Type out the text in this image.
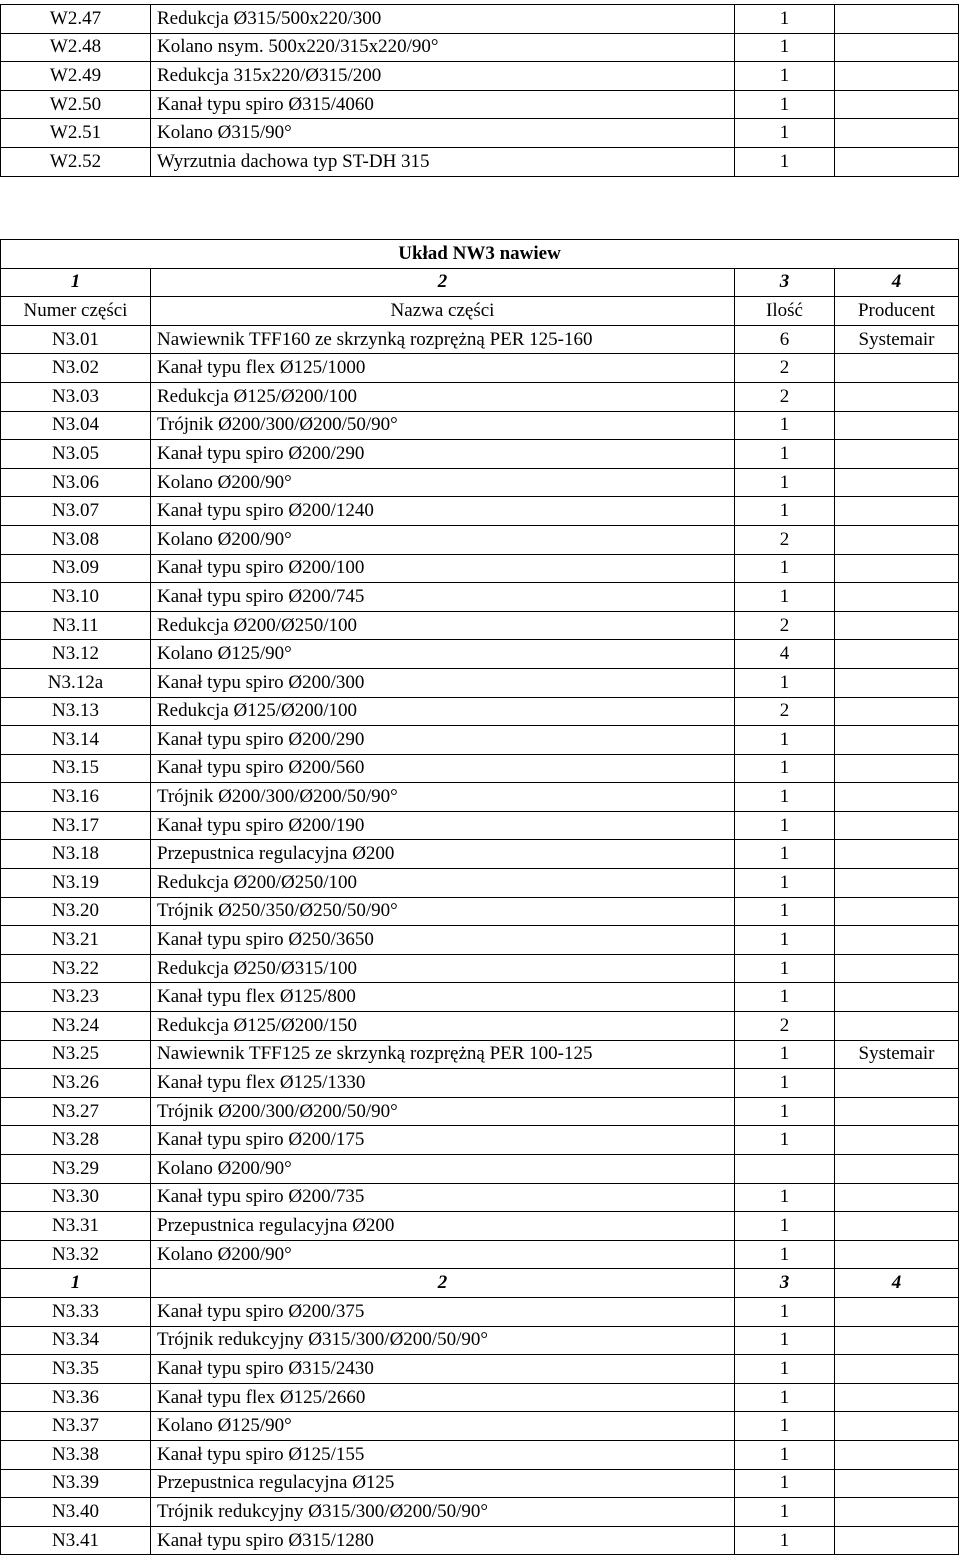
W2.47	Redukcja Ø315/500x220/300	1	
W2.48	Kolano nsym. 500x220/315x220/90°	1	
W2.49	Redukcja 315x220/Ø315/200	1	
W2.50	Kanał typu spiro Ø315/4060	1	
W2.51	Kolano Ø315/90°	1	
W2.52	Wyrzutnia dachowa typ ST-DH 315	1	
Układ NW3 nawiew			
1	2	3	4
Numer części	Nazwa części	Ilość	Producent
N3.01	Nawiewnik TFF160 ze skrzynką rozprężną PER 125-160	6	Systemair
N3.02	Kanał typu flex Ø125/1000	2	
N3.03	Redukcja Ø125/Ø200/100	2	
N3.04	Trójnik Ø200/300/Ø200/50/90°	1	
N3.05	Kanał typu spiro Ø200/290	1	
N3.06	Kolano Ø200/90°	1	
N3.07	Kanał typu spiro Ø200/1240	1	
N3.08	Kolano Ø200/90°	2	
N3.09	Kanał typu spiro Ø200/100	1	
N3.10	Kanał typu spiro Ø200/745	1	
N3.11	Redukcja Ø200/Ø250/100	2	
N3.12	Kolano Ø125/90°	4	
N3.12a	Kanał typu spiro Ø200/300	1	
N3.13	Redukcja Ø125/Ø200/100	2	
N3.14	Kanał typu spiro Ø200/290	1	
N3.15	Kanał typu spiro Ø200/560	1	
N3.16	Trójnik Ø200/300/Ø200/50/90°	1	
N3.17	Kanał typu spiro Ø200/190	1	
N3.18	Przepustnica regulacyjna Ø200	1	
N3.19	Redukcja Ø200/Ø250/100	1	
N3.20	Trójnik Ø250/350/Ø250/50/90°	1	
N3.21	Kanał typu spiro Ø250/3650	1	
N3.22	Redukcja Ø250/Ø315/100	1	
N3.23	Kanał typu flex Ø125/800	1	
N3.24	Redukcja Ø125/Ø200/150	2	
N3.25	Nawiewnik TFF125 ze skrzynką rozprężną PER 100-125	1	Systemair
N3.26	Kanał typu flex Ø125/1330	1	
N3.27	Trójnik Ø200/300/Ø200/50/90°	1	
N3.28	Kanał typu spiro Ø200/175	1	
N3.29	Kolano Ø200/90°		
N3.30	Kanał typu spiro Ø200/735	1	
N3.31	Przepustnica regulacyjna Ø200	1	
N3.32	Kolano Ø200/90°	1	
1	2	3	4
N3.33	Kanał typu spiro Ø200/375	1	
N3.34	Trójnik redukcyjny Ø315/300/Ø200/50/90°	1	
N3.35	Kanał typu spiro Ø315/2430	1	
N3.36	Kanał typu flex Ø125/2660	1	
N3.37	Kolano Ø125/90°	1	
N3.38	Kanał typu spiro Ø125/155	1	
N3.39	Przepustnica regulacyjna Ø125	1	
N3.40	Trójnik redukcyjny Ø315/300/Ø200/50/90°	1	
N3.41	Kanał typu spiro Ø315/1280	1	
